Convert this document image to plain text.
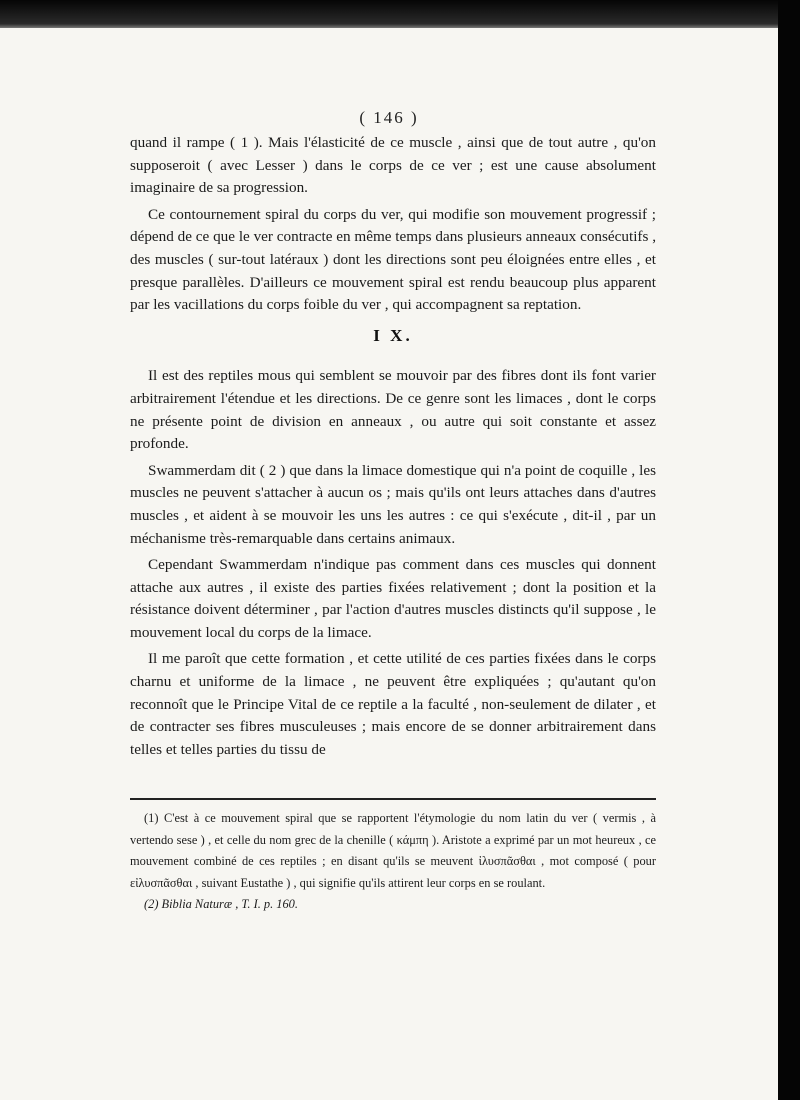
( 146 )

quand il rampe ( 1 ). Mais l'élasticité de ce muscle , ainsi que de tout autre , qu'on supposeroit ( avec Lesser ) dans le corps de ce ver ; est une cause absolument imaginaire de sa progression.

Ce contournement spiral du corps du ver, qui modifie son mouvement progressif ; dépend de ce que le ver contracte en même temps dans plusieurs anneaux consécutifs , des muscles ( sur-tout latéraux ) dont les directions sont peu éloignées entre elles , et presque parallèles. D'ailleurs ce mouvement spiral est rendu beaucoup plus apparent par les vacillations du corps foible du ver , qui accompagnent sa reptation.

I X.

Il est des reptiles mous qui semblent se mouvoir par des fibres dont ils font varier arbitrairement l'étendue et les directions. De ce genre sont les limaces , dont le corps ne présente point de division en anneaux , ou autre qui soit constante et assez profonde.

Swammerdam dit ( 2 ) que dans la limace domestique qui n'a point de coquille , les muscles ne peuvent s'attacher à aucun os ; mais qu'ils ont leurs attaches dans d'autres muscles , et aident à se mouvoir les uns les autres : ce qui s'exécute , dit-il , par un méchanisme très-remarquable dans certains animaux.

Cependant Swammerdam n'indique pas comment dans ces muscles qui donnent attache aux autres , il existe des parties fixées relativement ; dont la position et la résistance doivent déterminer , par l'action d'autres muscles distincts qu'il suppose , le mouvement local du corps de la limace.

Il me paroît que cette formation , et cette utilité de ces parties fixées dans le corps charnu et uniforme de la limace , ne peuvent être expliquées ; qu'autant qu'on reconnoît que le Principe Vital de ce reptile a la faculté , non-seulement de dilater , et de contracter ses fibres musculeuses ; mais encore de se donner arbitrairement dans telles et telles parties du tissu de

(1) C'est à ce mouvement spiral que se rapportent l'étymologie du nom latin du ver ( vermis , à vertendo sese ) , et celle du nom grec de la chenille ( κάμπη ). Aristote a exprimé par un mot heureux , ce mouvement combiné de ces reptiles ; en disant qu'ils se meuvent ἰλυσπᾶσθαι , mot composé ( pour εἰλυσπᾶσθαι , suivant Eustathe ) , qui signifie qu'ils attirent leur corps en se roulant.

(2) Biblia Naturæ , T. I. p. 160.
